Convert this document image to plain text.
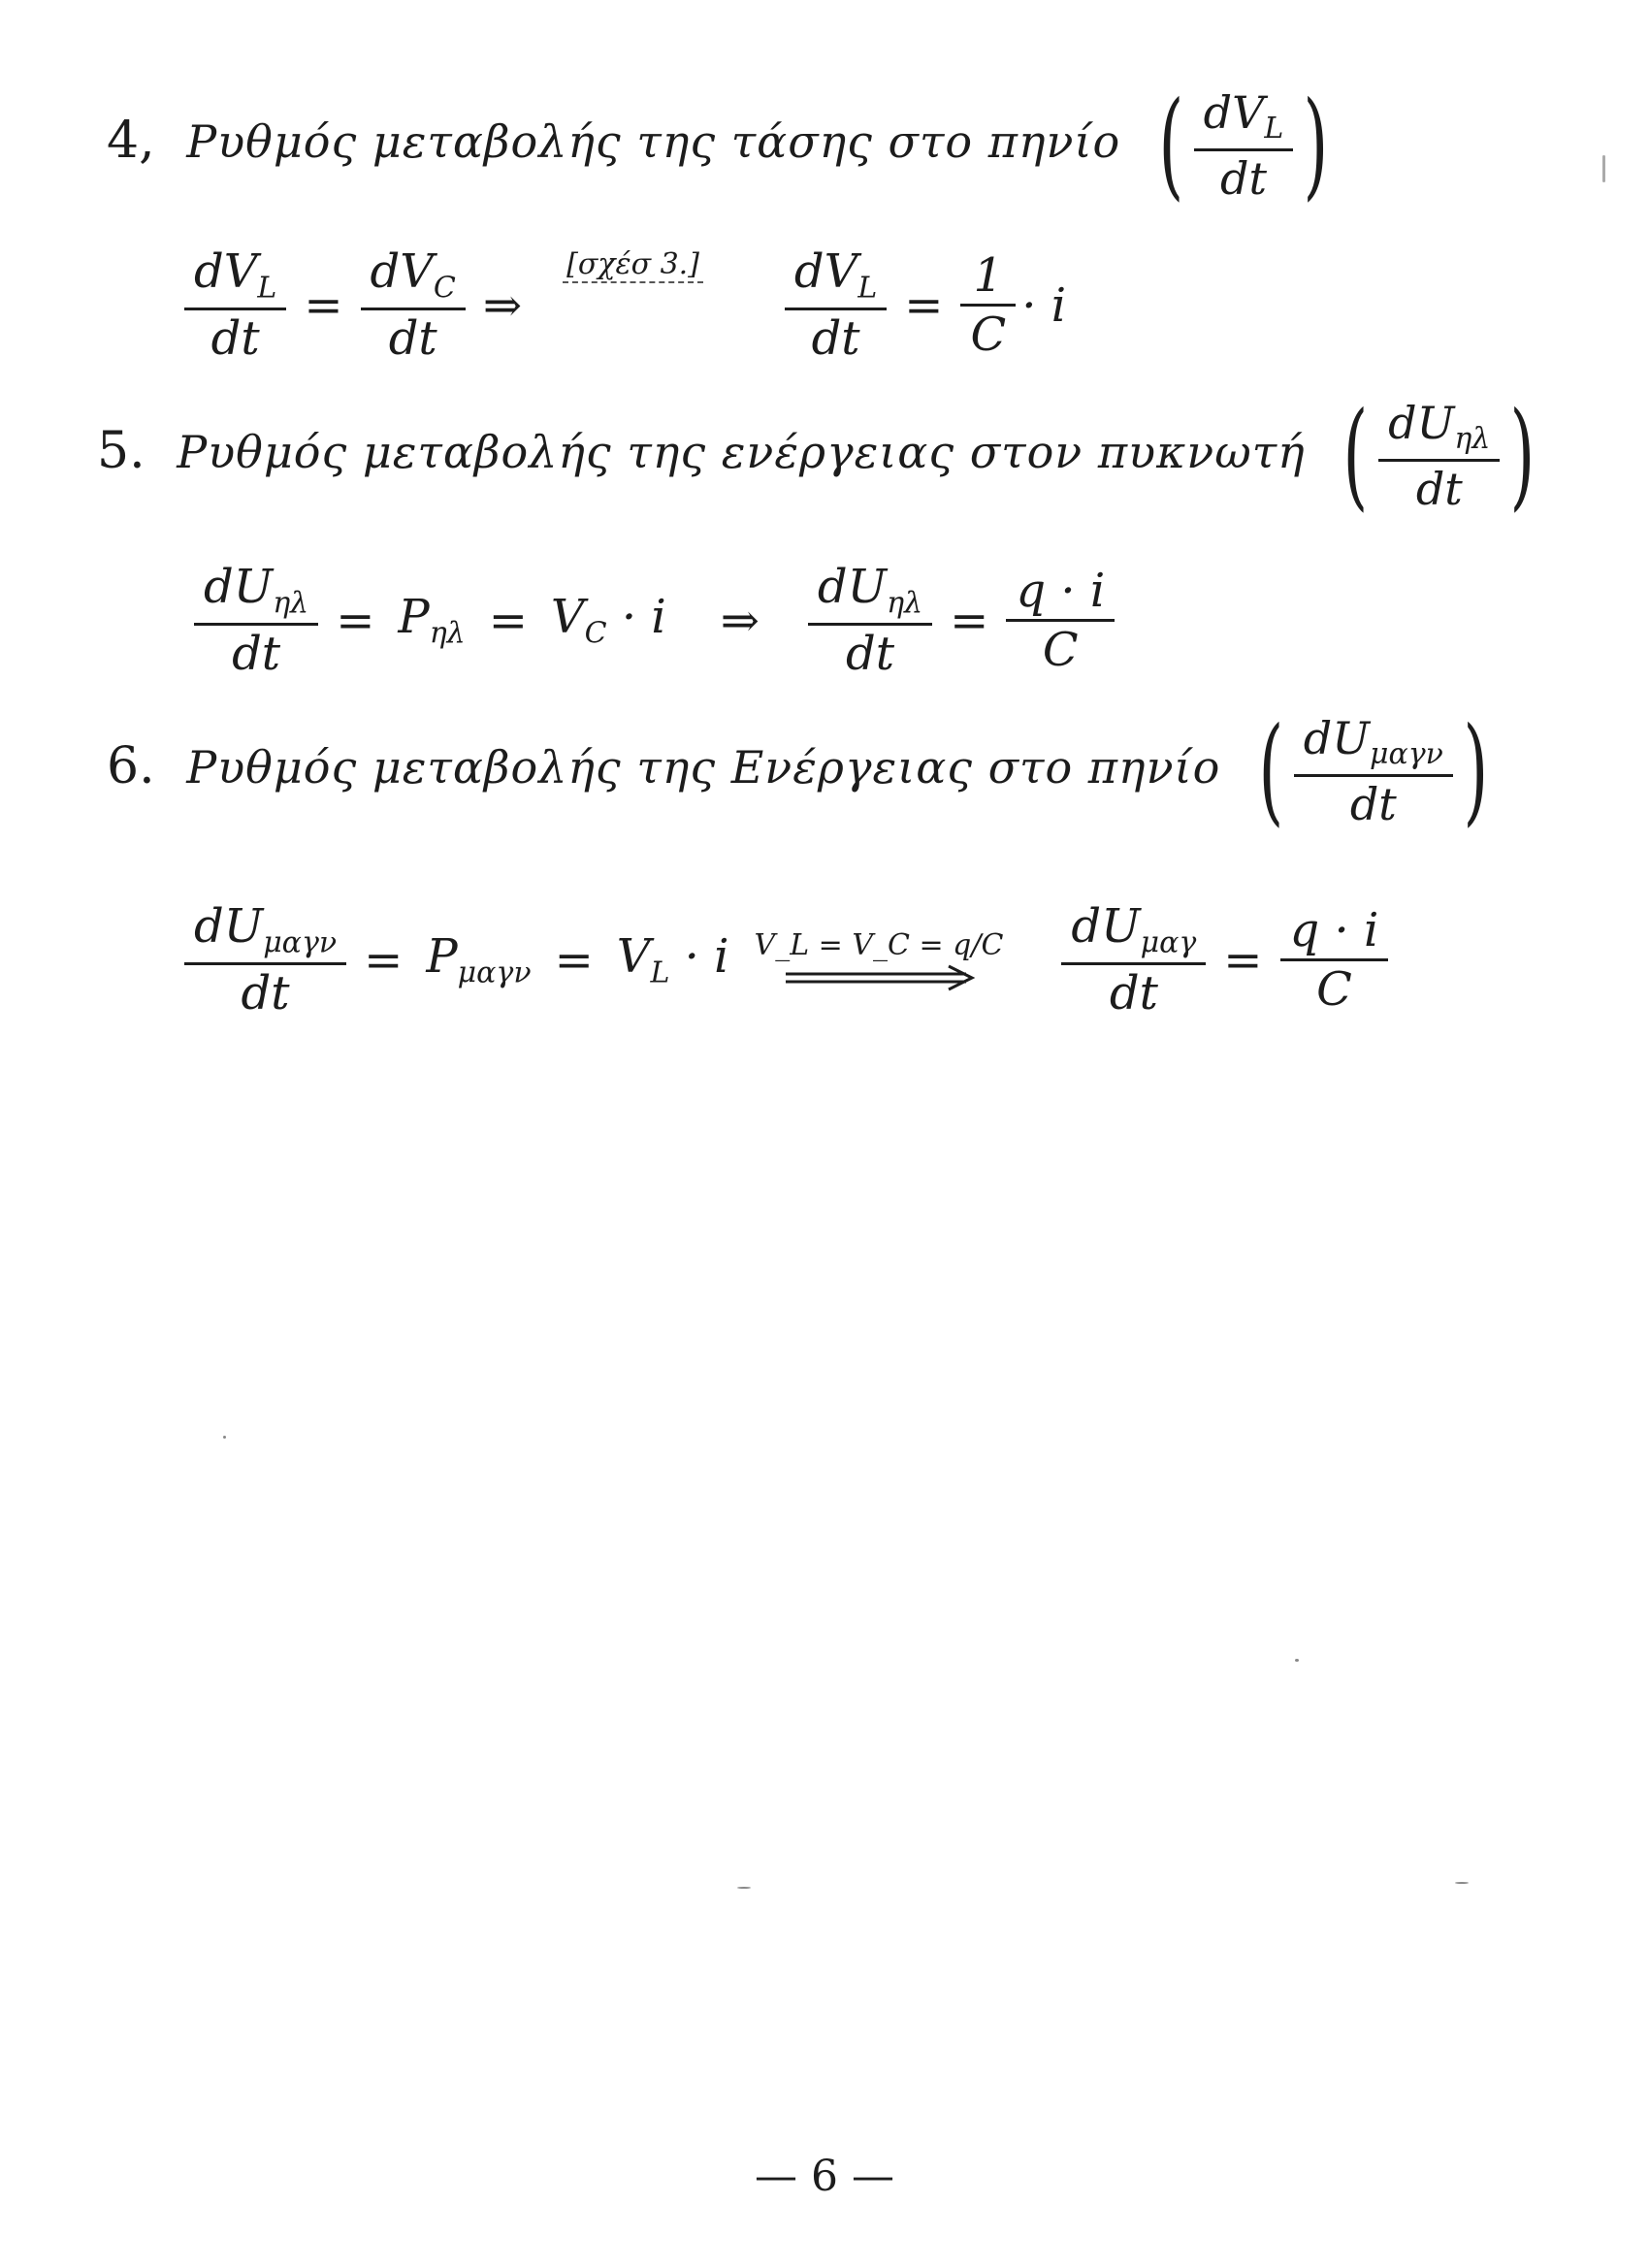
4, Ρυθμός μεταβολής της τάσης στο πηνίο ( $\frac{dV_L}{dt}$ )
$\frac{dV_L}{dt} = \frac{dV_C}{dt}$ ⇒
[σχέσ $3.] \frac{dV_L}{dt} = \frac{1}{C} \cdot i$
5. Ρυθμός μεταβολής της ενέργειας στον πυκνωτή ( $\frac{dU_{\eta\lambda}}{dt}$ )
$\frac{dU_{\eta\lambda}}{dt} = P_{\eta\lambda} = V_C \cdot i$ ⇒ $\frac{dU_{\eta\lambda}}{dt} = \frac{q \cdot i}{C}$
6. Ρυθμός μεταβολής της Ενέργειας στο πηνίο ( $\frac{dU_{\mu\alpha\gamma\nu}}{dt}$ )
$\frac{dU_{\mu\alpha\gamma\nu}}{dt} = P_{\mu\alpha\gamma\nu} = V_L \cdot i$ V_L = V_C = $q/C \frac{dU_{\mu\alpha\gamma}}{dt} = \frac{q \cdot i}{C}$
— 6 —
